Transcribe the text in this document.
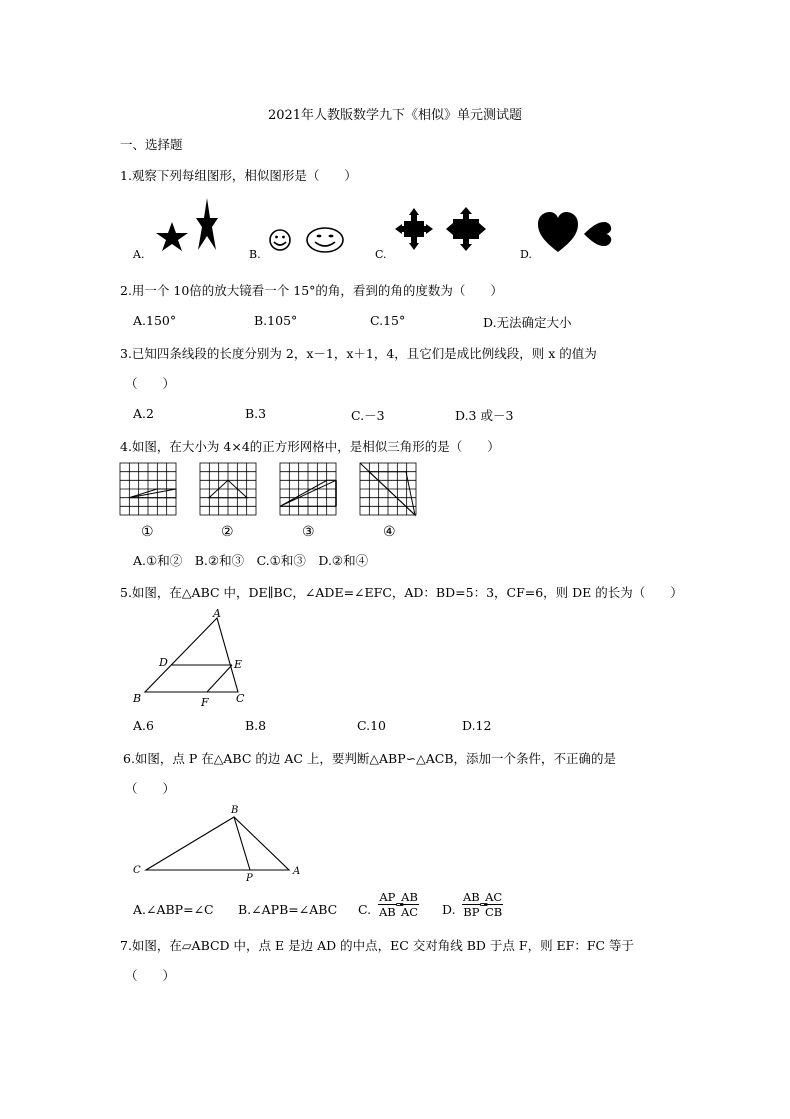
2021年人教版数学九下《相似》单元测试题
一、选择题
1.观察下列每组图形，相似图形是（　　）
A.	B.	C.	D.
2.用一个 10倍的放大镜看一个 15°的角，看到的角的度数为（　　）
A.150°	B.105°	C.15°	D.无法确定大小
3.已知四条线段的长度分别为 2，x－1，x＋1，4，且它们是成比例线段，则 x 的值为
（　　）
A.2	B.3	C.－3	D.3 或－3
4.如图，在大小为 4×4的正方形网格中，是相似三角形的是（　　）
①	②	③	④
A.①和②　B.②和③　C.①和③　D.②和④
5.如图，在△ABC 中，DE∥BC，∠ADE=∠EFC，AD：BD=5：3，CF=6，则 DE 的长为（　　）
A
D	E
B	F C
A.6	B.8	C.10	D.12
6.如图，点 P 在△ABC 的边 AC 上，要判断△ABP∽△ACB，添加一个条件，不正确的是
（　　）
B
C
P
A
A.∠ABP=∠C B.∠APB=∠ABC C. $\frac{AP}{AB}$
=
$\frac{AB}{AC} D$. $\frac{AB}{BP}$
=
$\frac{AC}{CB}$
7.如图，在▱ABCD 中，点 E 是边 AD 的中点，EC 交对角线 BD 于点 F，则 EF：FC 等于
（　　）
